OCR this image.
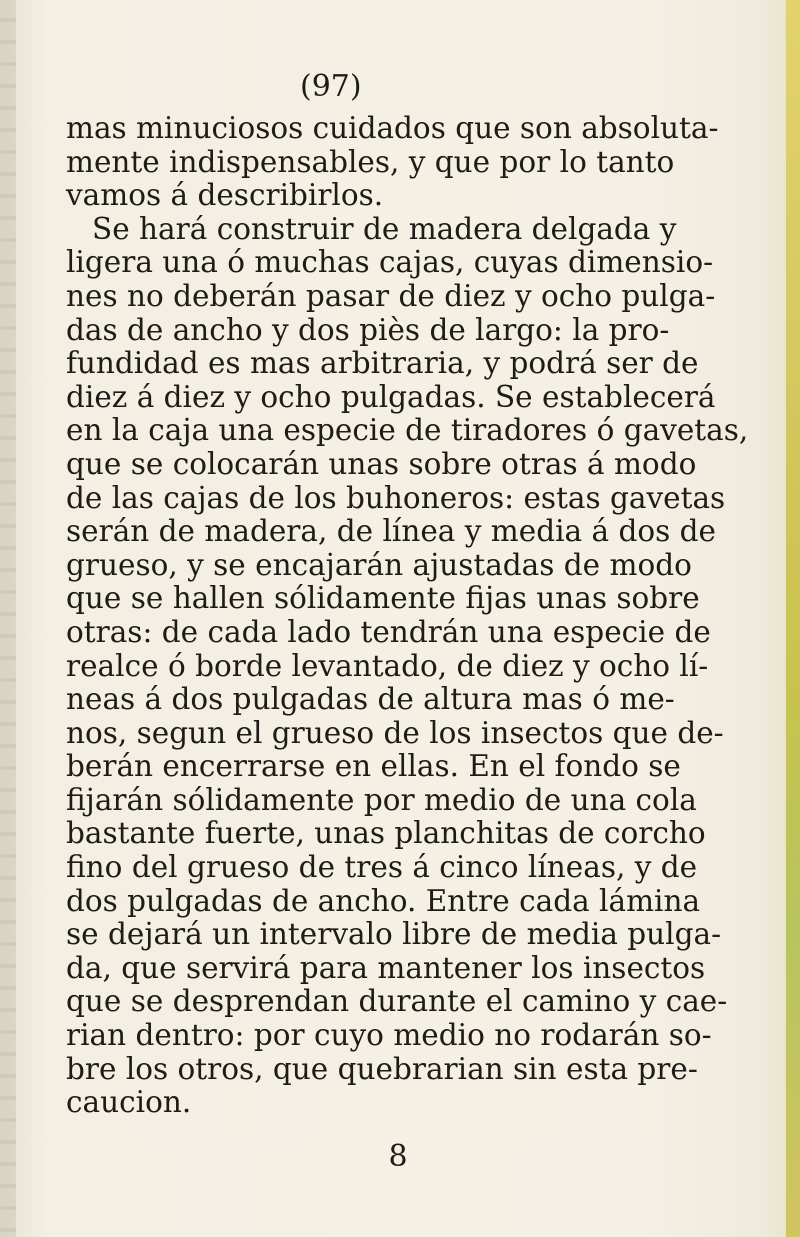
(97)
mas minuciosos cuidados que son absoluta-
mente indispensables, y que por lo tanto
vamos á describirlos.
Se hará construir de madera delgada y
ligera una ó muchas cajas, cuyas dimensio-
nes no deberán pasar de diez y ocho pulga-
das de ancho y dos piès de largo: la pro-
fundidad es mas arbitraria, y podrá ser de
diez á diez y ocho pulgadas. Se establecerá
en la caja una especie de tiradores ó gavetas,
que se colocarán unas sobre otras á modo
de las cajas de los buhoneros: estas gavetas
serán de madera, de línea y media á dos de
grueso, y se encajarán ajustadas de modo
que se hallen sólidamente fijas unas sobre
otras: de cada lado tendrán una especie de
realce ó borde levantado, de diez y ocho lí-
neas á dos pulgadas de altura mas ó me-
nos, segun el grueso de los insectos que de-
berán encerrarse en ellas. En el fondo se
fijarán sólidamente por medio de una cola
bastante fuerte, unas planchitas de corcho
fino del grueso de tres á cinco líneas, y de
dos pulgadas de ancho. Entre cada lámina
se dejará un intervalo libre de media pulga-
da, que servirá para mantener los insectos
que se desprendan durante el camino y cae-
rian dentro: por cuyo medio no rodarán so-
bre los otros, que quebrarian sin esta pre-
caucion.
8
